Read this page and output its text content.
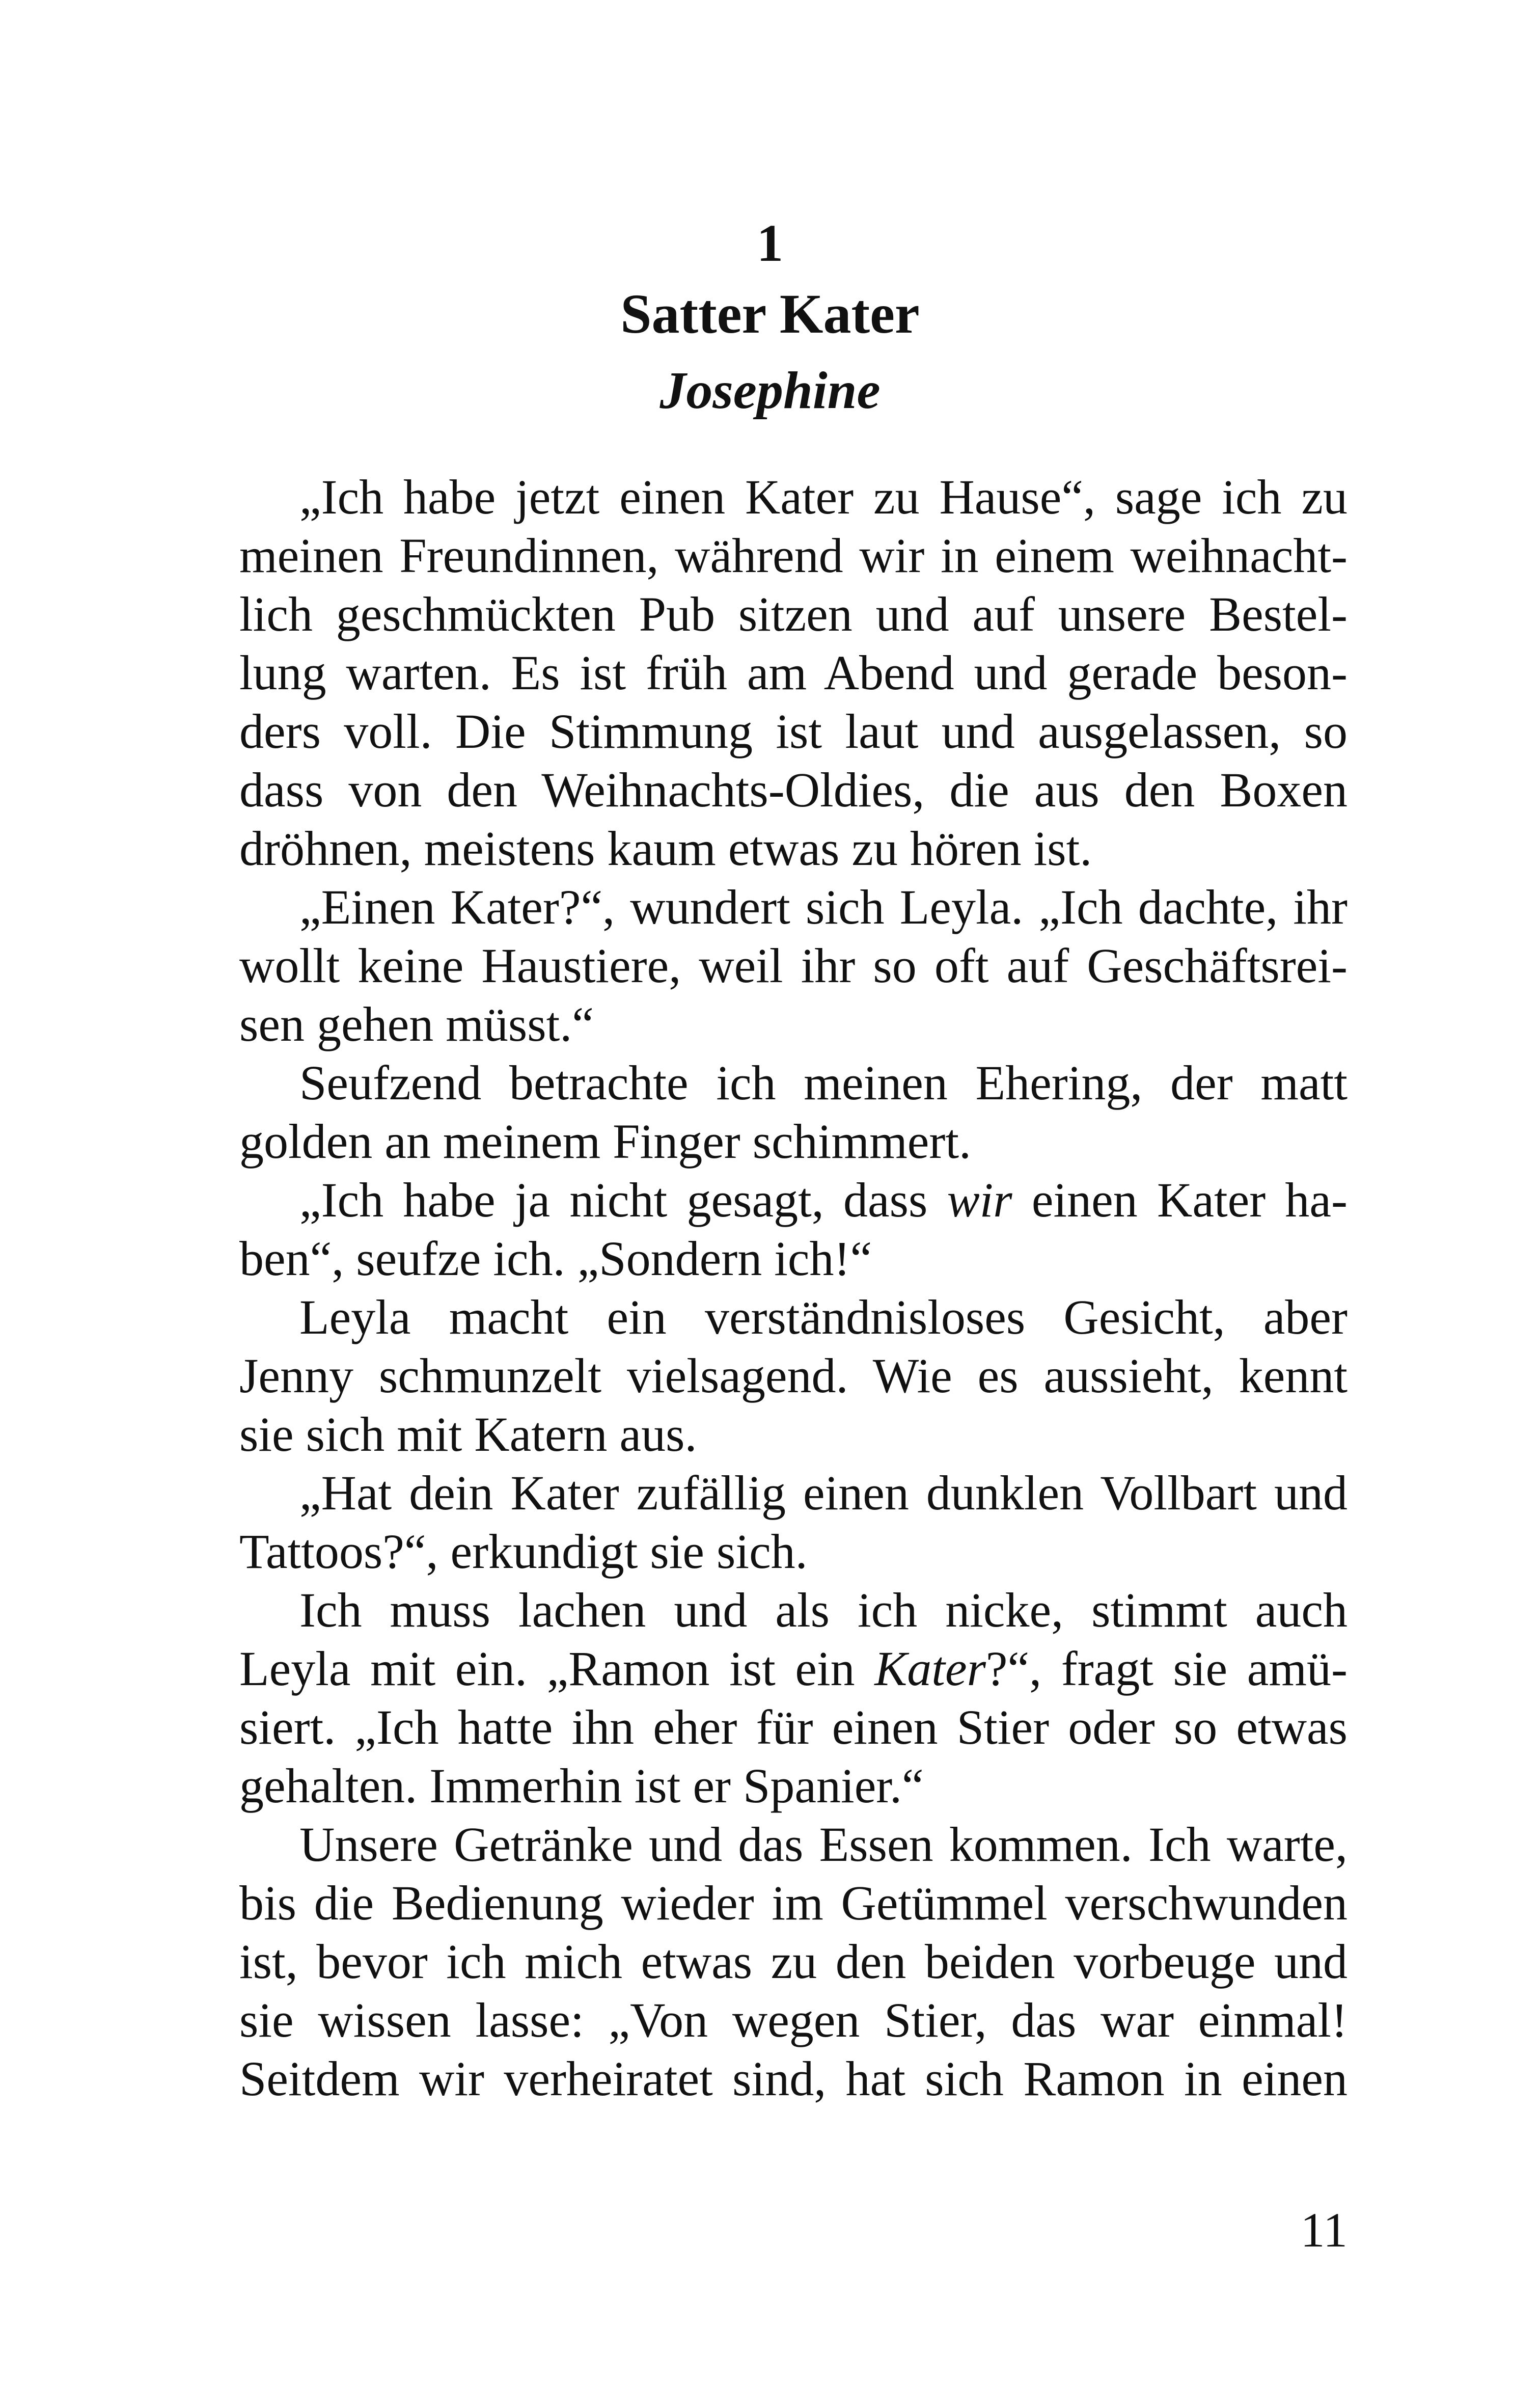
1
Satter Kater
Josephine
„Ich habe jetzt einen Kater zu Hause“, sage ich zu
meinen Freundinnen, während wir in einem weihnacht-
lich geschmückten Pub sitzen und auf unsere Bestel-
lung warten. Es ist früh am Abend und gerade beson-
ders voll. Die Stimmung ist laut und ausgelassen, so
dass von den Weihnachts-Oldies, die aus den Boxen
dröhnen, meistens kaum etwas zu hören ist.
„Einen Kater?“, wundert sich Leyla. „Ich dachte, ihr
wollt keine Haustiere, weil ihr so oft auf Geschäftsrei-
sen gehen müsst.“
Seufzend betrachte ich meinen Ehering, der matt
golden an meinem Finger schimmert.
„Ich habe ja nicht gesagt, dass wir einen Kater ha-
ben“, seufze ich. „Sondern ich!“
Leyla macht ein verständnisloses Gesicht, aber
Jenny schmunzelt vielsagend. Wie es aussieht, kennt
sie sich mit Katern aus.
„Hat dein Kater zufällig einen dunklen Vollbart und
Tattoos?“, erkundigt sie sich.
Ich muss lachen und als ich nicke, stimmt auch
Leyla mit ein. „Ramon ist ein Kater?“, fragt sie amü-
siert. „Ich hatte ihn eher für einen Stier oder so etwas
gehalten. Immerhin ist er Spanier.“
Unsere Getränke und das Essen kommen. Ich warte,
bis die Bedienung wieder im Getümmel verschwunden
ist, bevor ich mich etwas zu den beiden vorbeuge und
sie wissen lasse: „Von wegen Stier, das war einmal!
Seitdem wir verheiratet sind, hat sich Ramon in einen

11
